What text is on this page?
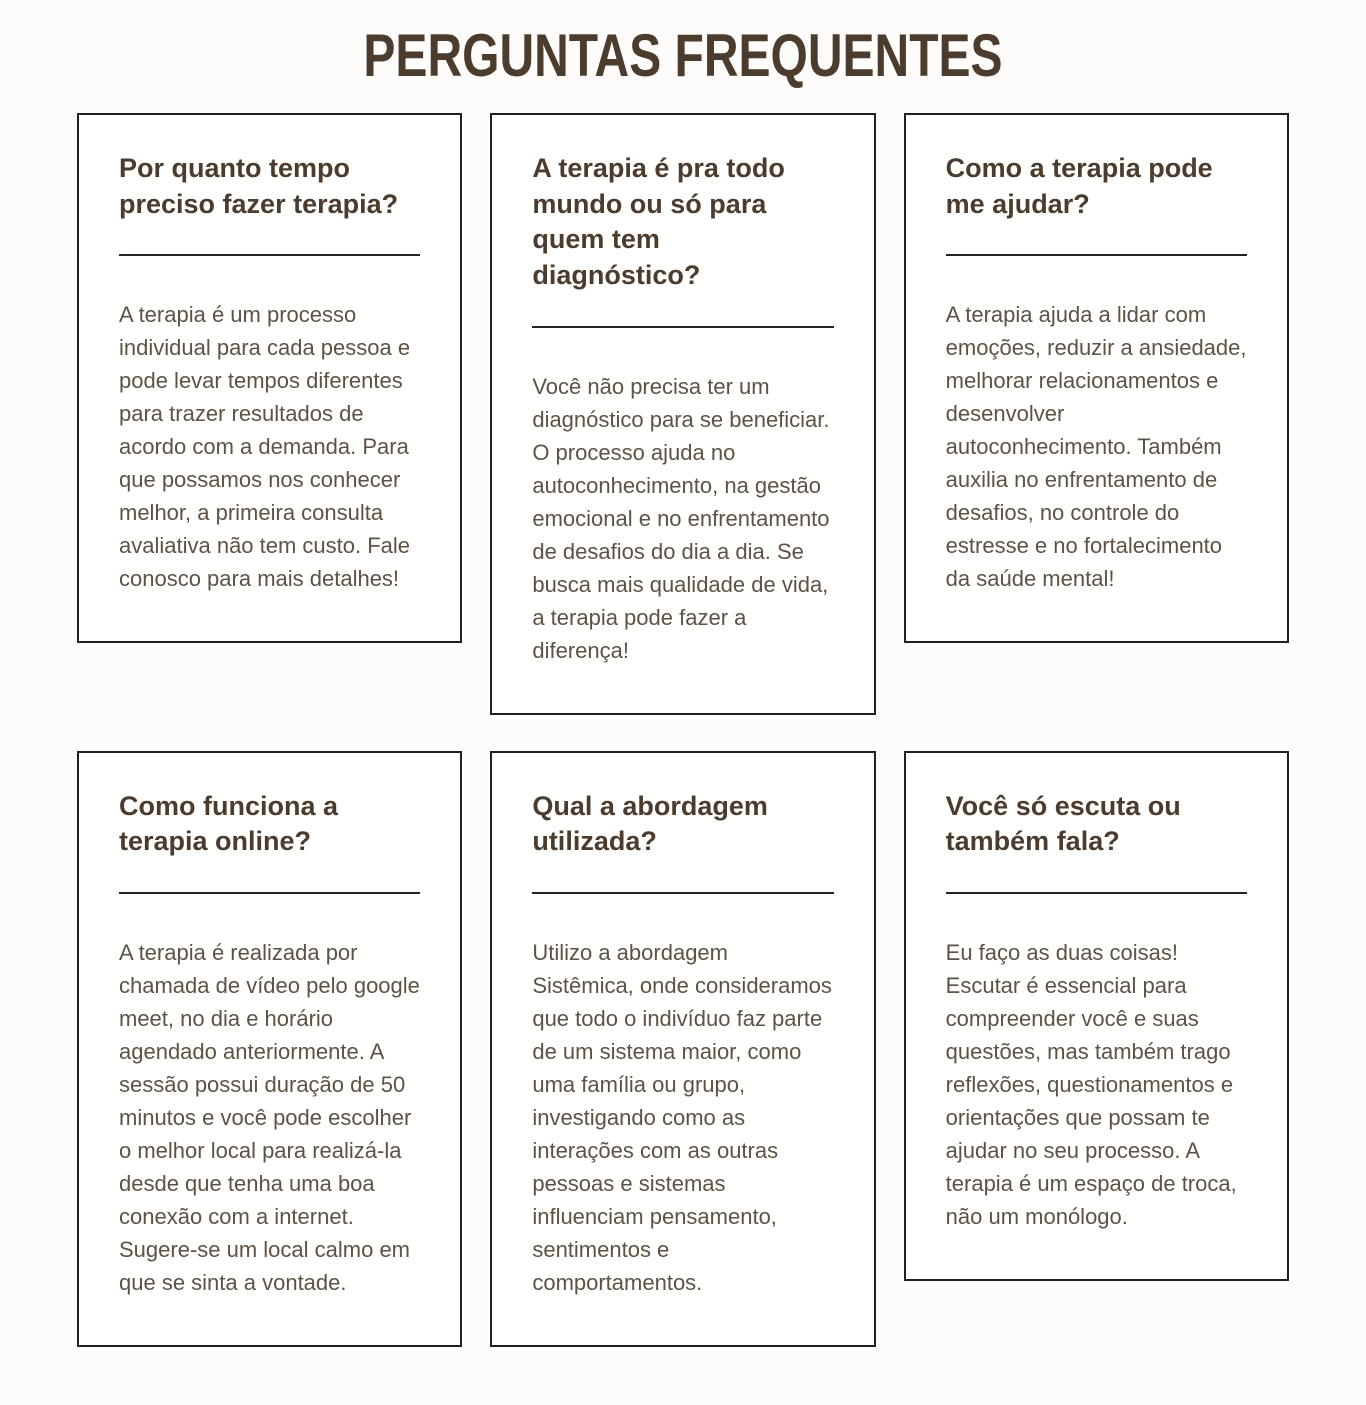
PERGUNTAS FREQUENTES
Por quanto tempo preciso fazer terapia?

A terapia é um processo individual para cada pessoa e pode levar tempos diferentes para trazer resultados de acordo com a demanda. Para que possamos nos conhecer melhor, a primeira consulta avaliativa não tem custo. Fale conosco para mais detalhes!

A terapia é pra todo mundo ou só para quem tem diagnóstico?

Você não precisa ter um diagnóstico para se beneficiar. O processo ajuda no autoconhecimento, na gestão emocional e no enfrentamento de desafios do dia a dia. Se busca mais qualidade de vida, a terapia pode fazer a diferença!

Como a terapia pode me ajudar?

A terapia ajuda a lidar com emoções, reduzir a ansiedade, melhorar relacionamentos e desenvolver autoconhecimento. Também auxilia no enfrentamento de desafios, no controle do estresse e no fortalecimento da saúde mental!

Como funciona a terapia online?

A terapia é realizada por chamada de vídeo pelo google meet, no dia e horário agendado anteriormente. A sessão possui duração de 50 minutos e você pode escolher o melhor local para realizá-la desde que tenha uma boa conexão com a internet. Sugere-se um local calmo em que se sinta a vontade.

Qual a abordagem utilizada?

Utilizo a abordagem Sistêmica, onde consideramos que todo o indivíduo faz parte de um sistema maior, como uma família ou grupo, investigando como as interações com as outras pessoas e sistemas influenciam pensamento, sentimentos e comportamentos.

Você só escuta ou também fala?

Eu faço as duas coisas! Escutar é essencial para compreender você e suas questões, mas também trago reflexões, questionamentos e orientações que possam te ajudar no seu processo. A terapia é um espaço de troca, não um monólogo.
